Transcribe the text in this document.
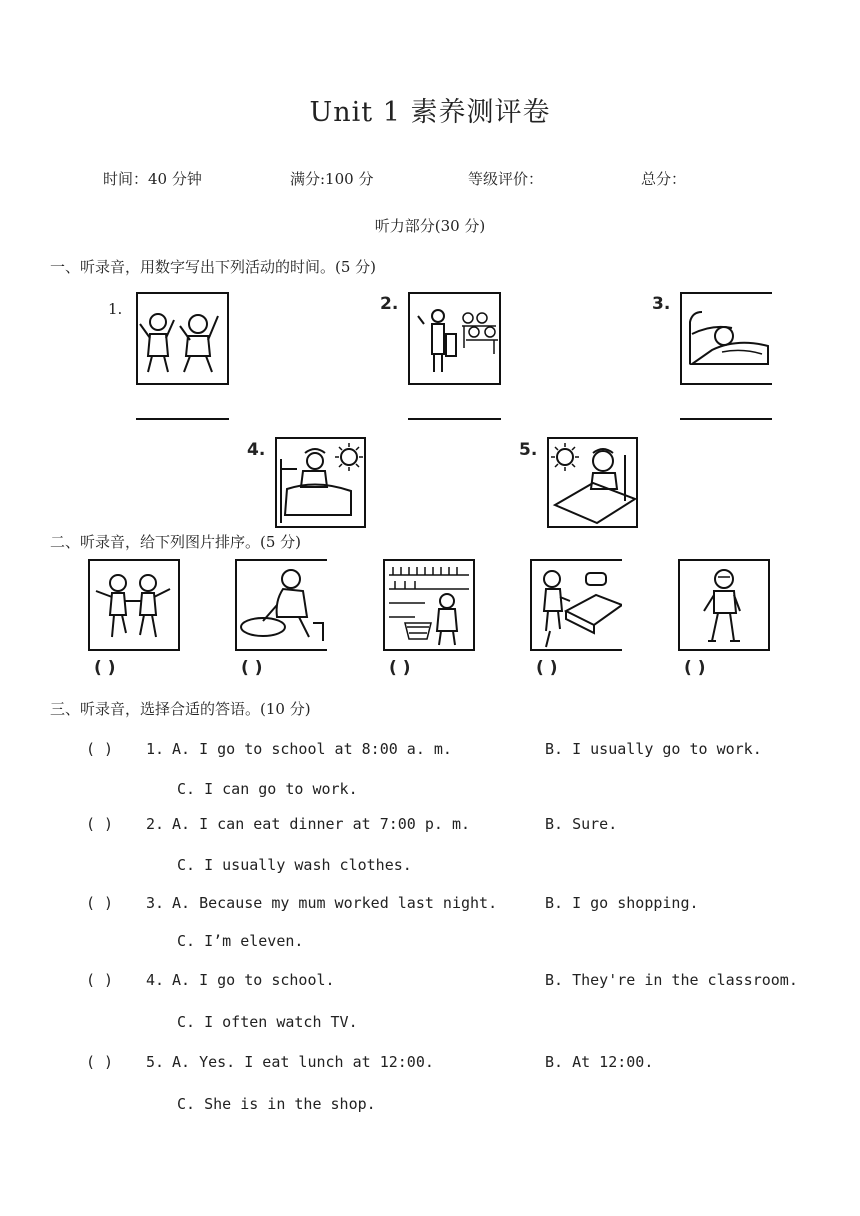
Unit 1 素养测评卷
时间：40 分钟	满分:100 分	等级评价：	总分：
听力部分(30 分)
一、听录音，用数字写出下列活动的时间。(5 分)
1.	2.	3.
4.	5.
二、听录音，给下列图片排序。(5 分)
( )	( )	( )	( )	( )
三、听录音，选择合适的答语。(10 分)
( ) 1. A. I go to school at 8:00 a. m.	B. I usually go to work.
C. I can go to work.
( ) 2. A. I can eat dinner at 7:00 p. m.	B. Sure.
C. I usually wash clothes.
( ) 3. A. Because my mum worked last night.	B. I go shopping.
C. I’m eleven.
( ) 4. A. I go to school.	B. They're in the classroom.
C. I often watch TV.
( ) 5. A. Yes. I eat lunch at 12:00.	B. At 12:00.
C. She is in the shop.
